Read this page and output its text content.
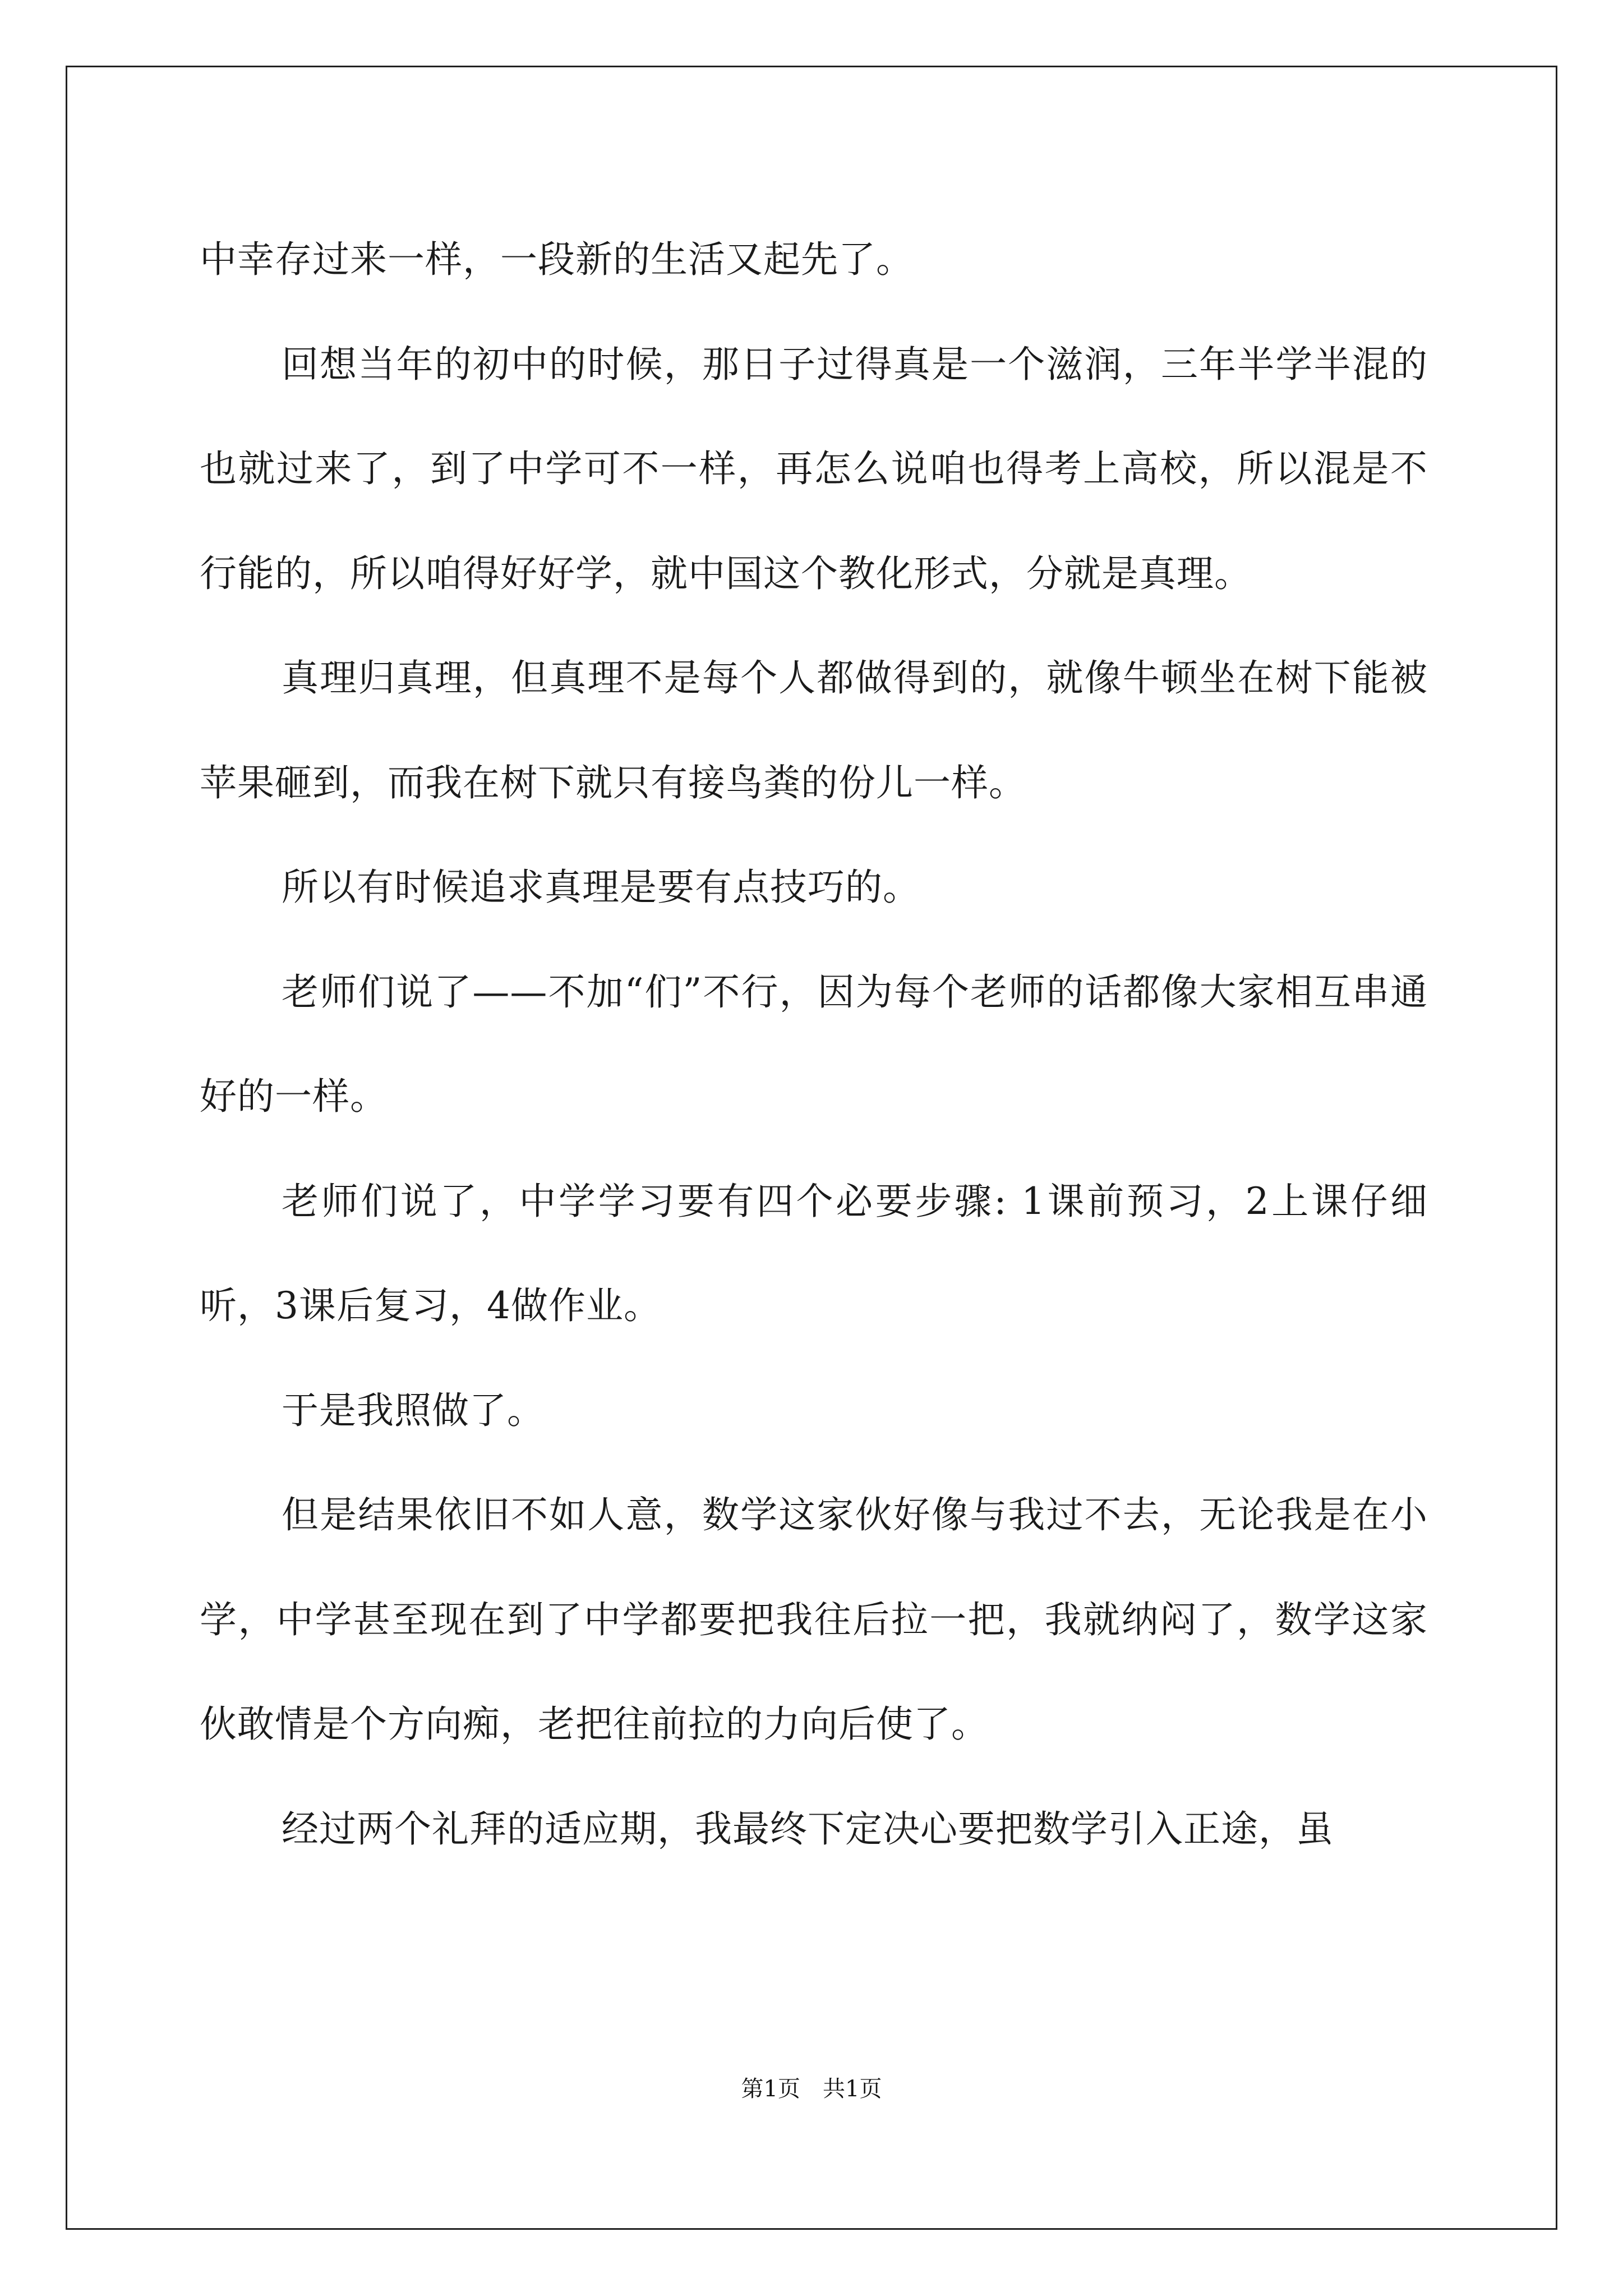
中幸存过来一样，一段新的生活又起先了。

回想当年的初中的时候，那日子过得真是一个滋润，三年半学半混的也就过来了，到了中学可不一样，再怎么说咱也得考上高校，所以混是不行能的，所以咱得好好学，就中国这个教化形式，分就是真理。

真理归真理，但真理不是每个人都做得到的，就像牛顿坐在树下能被苹果砸到，而我在树下就只有接鸟粪的份儿一样。

所以有时候追求真理是要有点技巧的。

老师们说了——不加“们”不行，因为每个老师的话都像大家相互串通好的一样。

老师们说了，中学学习要有四个必要步骤: 1课前预习，2上课仔细听，3课后复习，4做作业。

于是我照做了。

但是结果依旧不如人意，数学这家伙好像与我过不去，无论我是在小学，中学甚至现在到了中学都要把我往后拉一把，我就纳闷了，数学这家伙敢情是个方向痴，老把往前拉的力向后使了。

经过两个礼拜的适应期，我最终下定决心要把数学引入正途，虽

第1页　共1页
